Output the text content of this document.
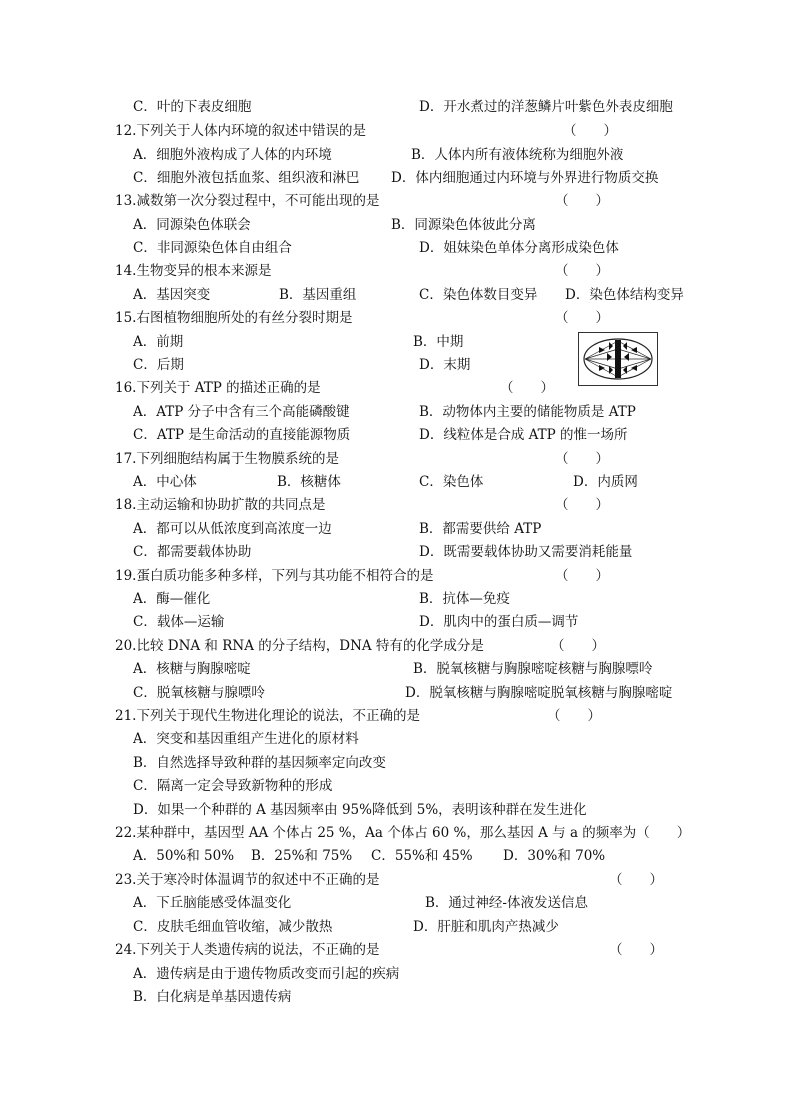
C．叶的下表皮细胞	D．开水煮过的洋葱鳞片叶紫色外表皮细胞
12.下列关于人体内环境的叙述中错误的是	（　　）
A．细胞外液构成了人体的内环境	B．人体内所有液体统称为细胞外液
C．细胞外液包括血浆、组织液和淋巴 D．体内细胞通过内环境与外界进行物质交换
13.减数第一次分裂过程中，不可能出现的是	（　　）
A．同源染色体联会	B．同源染色体彼此分离
C．非同源染色体自由组合	D．姐妹染色单体分离形成染色体
14.生物变异的根本来源是	（　　）
A．基因突变	B．基因重组	C．染色体数目变异 D．染色体结构变异
15.右图植物细胞所处的有丝分裂时期是	（　　）
A．前期	B．中期
C．后期	D．末期
16.下列关于 ATP 的描述正确的是	（　　）
A．ATP 分子中含有三个高能磷酸键	B．动物体内主要的储能物质是 ATP
C．ATP 是生命活动的直接能源物质	D．线粒体是合成 ATP 的惟一场所
17.下列细胞结构属于生物膜系统的是	（　　）
A．中心体	B．核糖体	C．染色体	D．内质网
18.主动运输和协助扩散的共同点是	（　　）
A．都可以从低浓度到高浓度一边	B．都需要供给 ATP
C．都需要载体协助	D．既需要载体协助又需要消耗能量
19.蛋白质功能多种多样，下列与其功能不相符合的是	（　　）
A．酶—催化	B．抗体—免疫
C．载体—运输	D．肌肉中的蛋白质—调节
20.比较 DNA 和 RNA 的分子结构，DNA 特有的化学成分是	（　　）
A．核糖与胸腺嘧啶	B．脱氧核糖与胸腺嘧啶核糖与胸腺嘌呤
C．脱氧核糖与腺嘌呤	D．脱氧核糖与胸腺嘧啶脱氧核糖与胸腺嘧啶
21.下列关于现代生物进化理论的说法，不正确的是	（　　）
A．突变和基因重组产生进化的原材料
B．自然选择导致种群的基因频率定向改变
C．隔离一定会导致新物种的形成
D．如果一个种群的 A 基因频率由 95%降低到 5%，表明该种群在发生进化
22.某种群中，基因型 AA 个体占 25 %，Aa 个体占 60 %，那么基因 A 与 a 的频率为（　　）
A．50%和 50% B．25%和 75% C．55%和 45% D．30%和 70%
23.关于寒冷时体温调节的叙述中不正确的是	（　　）
A．下丘脑能感受体温变化	B．通过神经-体液发送信息
C．皮肤毛细血管收缩，减少散热	D．肝脏和肌肉产热减少
24.下列关于人类遗传病的说法，不正确的是	（　　）
A．遗传病是由于遗传物质改变而引起的疾病
B．白化病是单基因遗传病
